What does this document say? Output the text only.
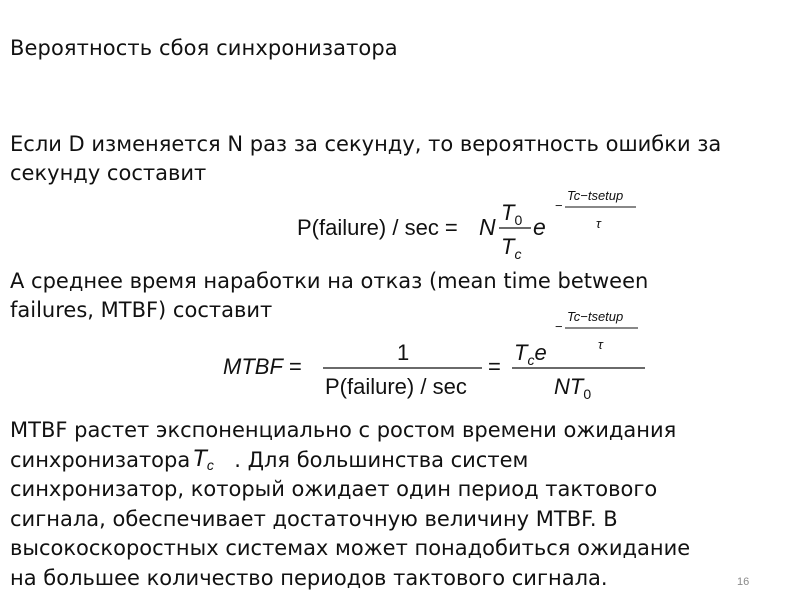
Вероятность сбоя синхронизатора
Если D изменяется N раз за секунду, то вероятность ошибки за
секунду составит
P(failure) / sec = N
$T_0$
$T_c$
e
−
Tc−tsetup
τ
А среднее время наработки на отказ (mean time between
failures, MTBF) составит
MTBF =
1
P(failure) / sec
=
$T_ce$
−
Tc−tsetup
τ
$NT_0$
MTBF растет экспоненциально с ростом времени ожидания
синхронизатора $T_c$ . Для большинства систем
синхронизатор, который ожидает один период тактового
сигнала, обеспечивает достаточную величину MTBF. В
высокоскоростных системах может понадобиться ожидание
на большее количество периодов тактового сигнала.	16
